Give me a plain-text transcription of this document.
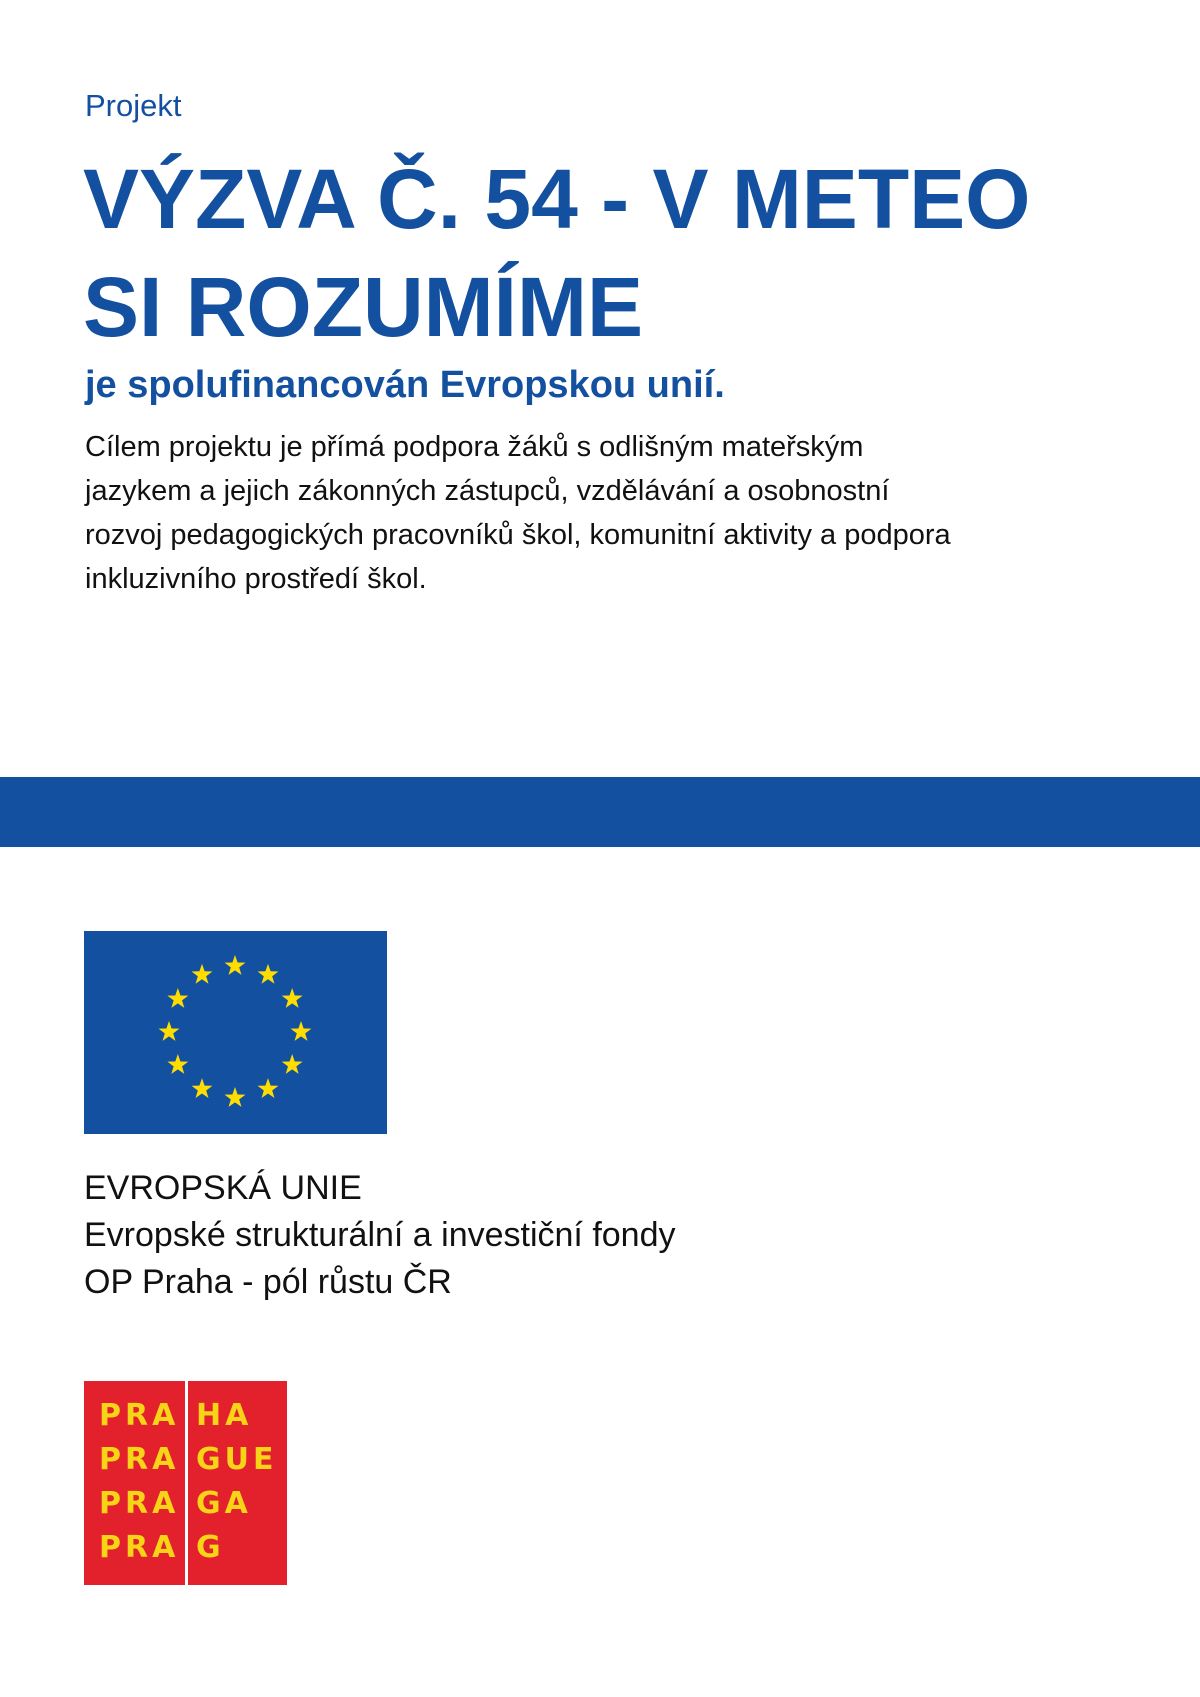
Projekt

VÝZVA Č. 54 - V METEO
SI ROZUMÍME

je spolufinancován Evropskou unií.

Cílem projektu je přímá podpora žáků s odlišným mateřským
jazykem a jejich zákonných zástupců, vzdělávání a osobnostní
rozvoj pedagogických pracovníků škol, komunitní aktivity a podpora
inkluzivního prostředí škol.

EVROPSKÁ UNIE
Evropské strukturální a investiční fondy
OP Praha - pól růstu ČR

PRA
PRA
PRA
PRA
HA
GUE
GA
G
